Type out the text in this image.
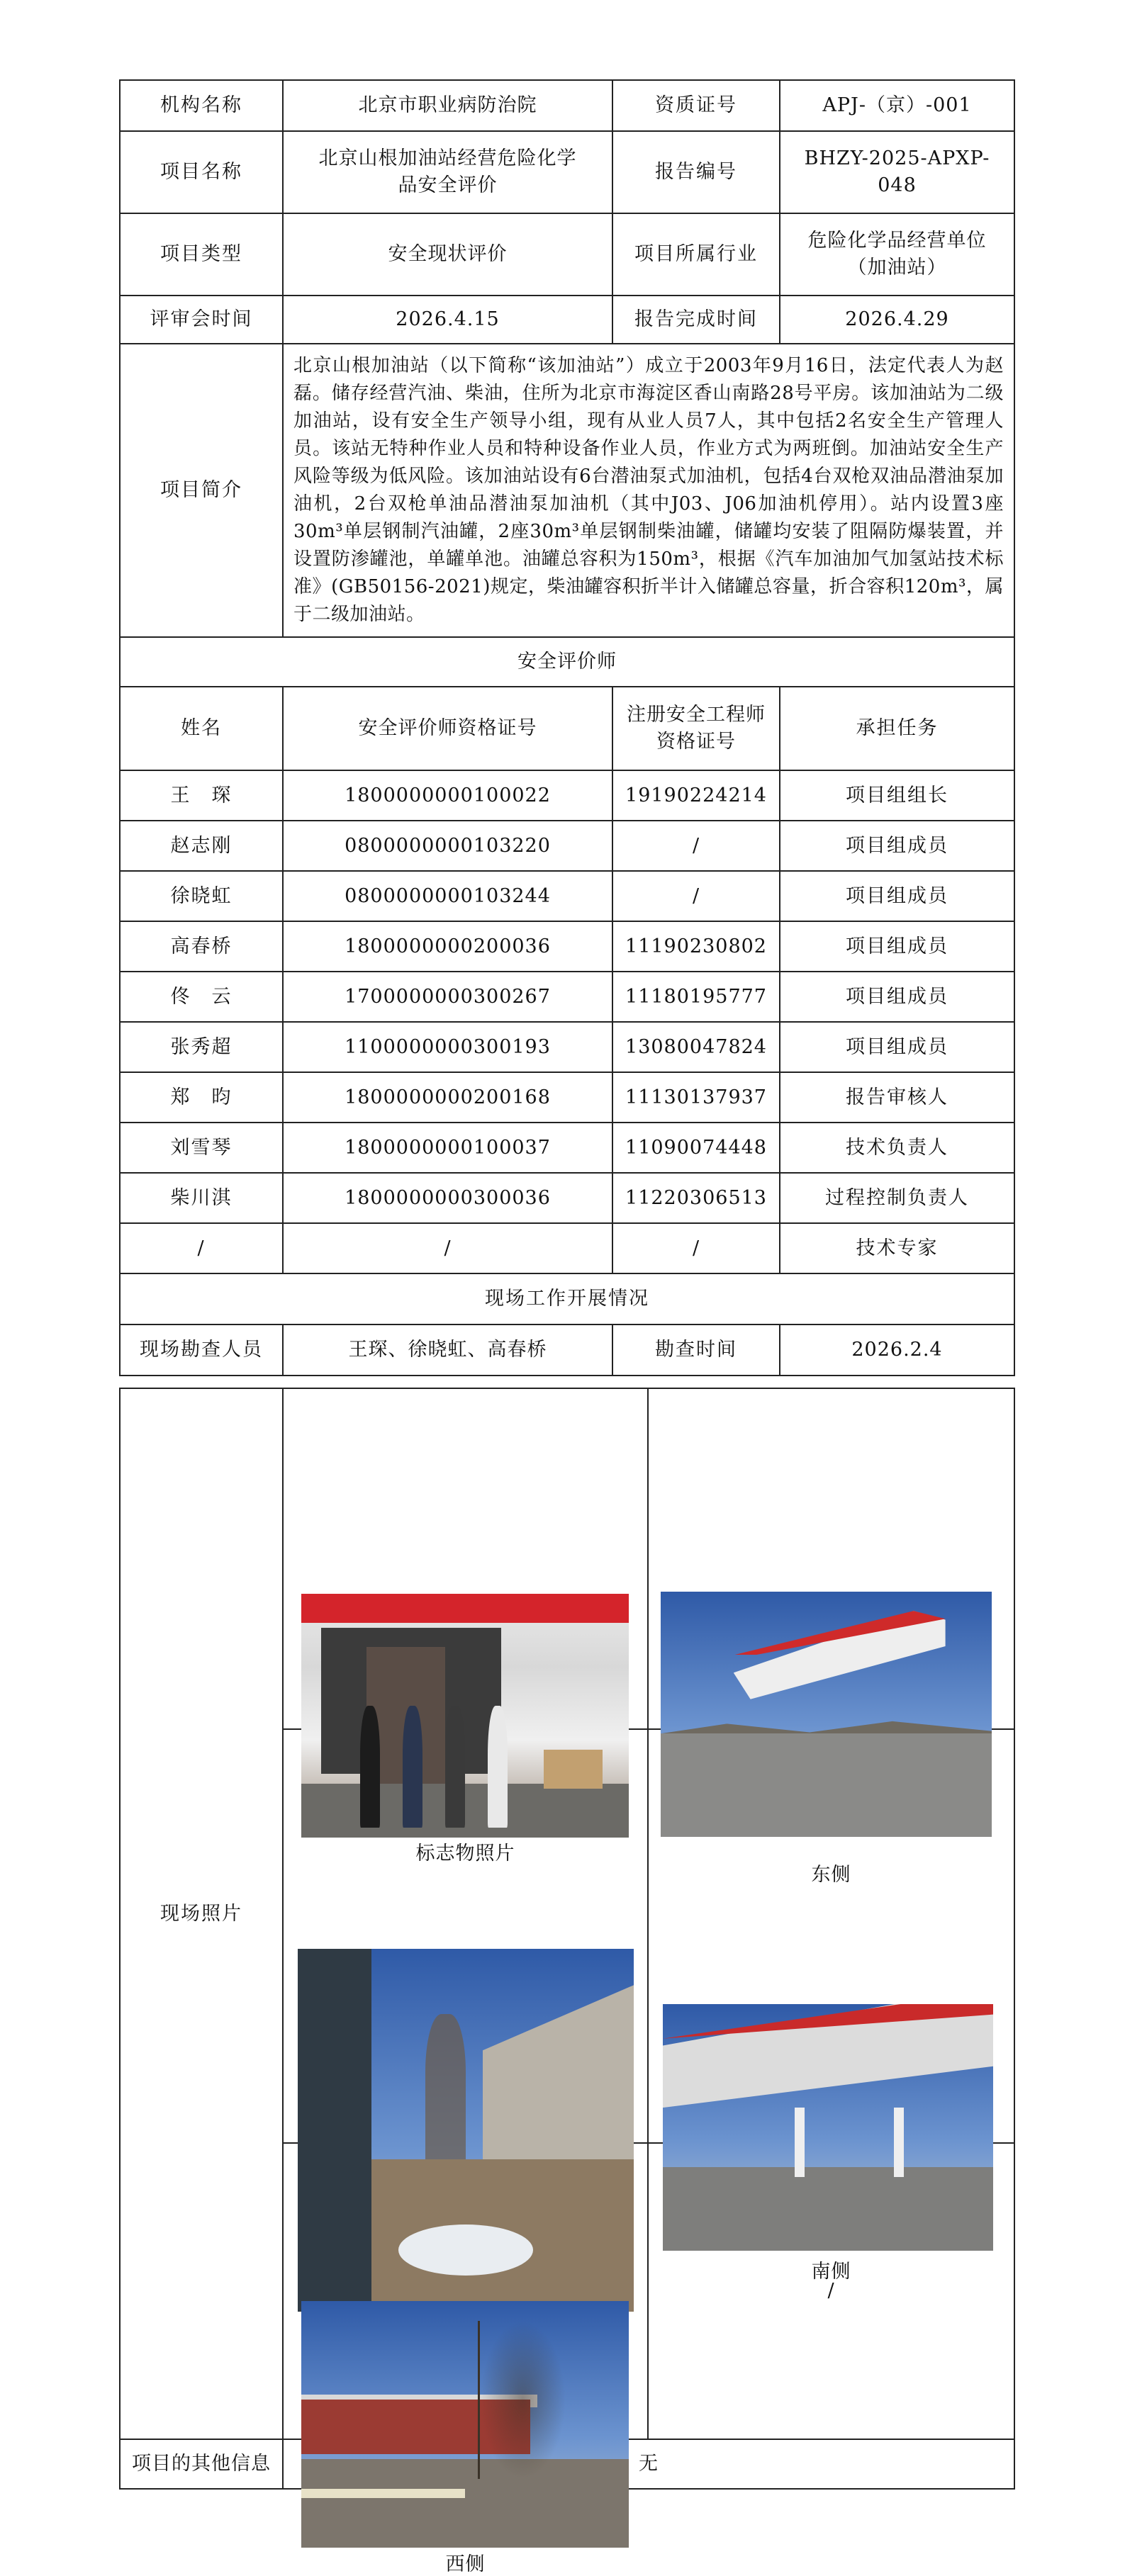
机构名称	北京市职业病防治院	资质证号	APJ-（京）-001
项目名称	北京山根加油站经营危险化学品安全评价	报告编号	BHZY-2025-APXP-048
项目类型	安全现状评价	项目所属行业	危险化学品经营单位（加油站）
评审会时间	2026.4.15	报告完成时间	2026.4.29
项目简介	北京山根加油站（以下简称“该加油站”）成立于2003年9月16日，法定代表人为赵磊。储存经营汽油、柴油，住所为北京市海淀区香山南路28号平房。该加油站为二级加油站，设有安全生产领导小组，现有从业人员7人，其中包括2名安全生产管理人员。该站无特种作业人员和特种设备作业人员，作业方式为两班倒。加油站安全生产风险等级为低风险。该加油站设有6台潜油泵式加油机，包括4台双枪双油品潜油泵加油机，2台双枪单油品潜油泵加油机（其中J03、J06加油机停用）。站内设置3座30m³单层钢制汽油罐，2座30m³单层钢制柴油罐，储罐均安装了阻隔防爆装置，并设置防渗罐池，单罐单池。油罐总容积为150m³，根据《汽车加油加气加氢站技术标准》(GB50156-2021)规定，柴油罐容积折半计入储罐总容量，折合容积120m³，属于二级加油站。		
安全评价师			
姓名	安全评价师资格证号	注册安全工程师资格证号	承担任务
王　琛	1800000000100022	19190224214	项目组组长
赵志刚	0800000000103220	/	项目组成员
徐晓虹	0800000000103244	/	项目组成员
高春桥	1800000000200036	11190230802	项目组成员
佟　云	1700000000300267	11180195777	项目组成员
张秀超	1100000000300193	13080047824	项目组成员
郑　昀	1800000000200168	11130137937	报告审核人
刘雪琴	1800000000100037	11090074448	技术负责人
柴川淇	1800000000300036	11220306513	过程控制负责人
/	/	/	技术专家
现场工作开展情况			
现场勘查人员	王琛、徐晓虹、高春桥	勘查时间	2026.2.4
现场照片	标志物照片	东侧

南侧

	西侧	/
项目的其他信息	无	
